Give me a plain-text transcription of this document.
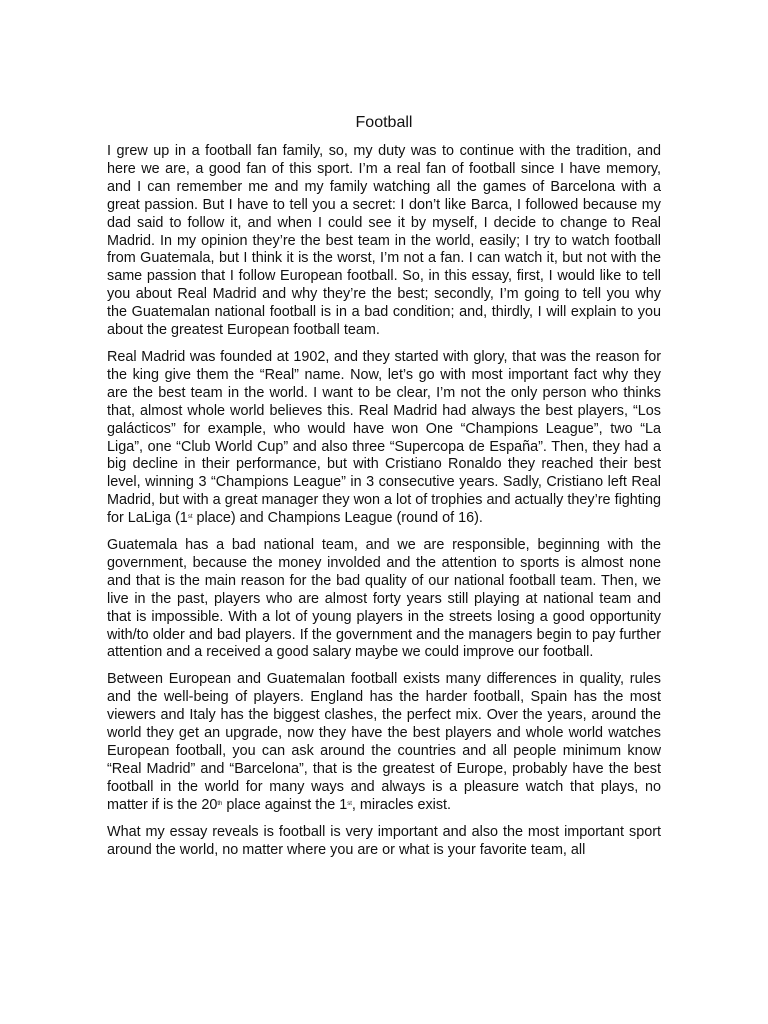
Football

I grew up in a football fan family, so, my duty was to continue with the tradition, and here we are, a good fan of this sport. I’m a real fan of football since I have memory, and I can remember me and my family watching all the games of Barcelona with a great passion. But I have to tell you a secret: I don’t like Barca, I followed because my dad said to follow it, and when I could see it by myself, I decide to change to Real Madrid. In my opinion they’re the best team in the world, easily; I try to watch football from Guatemala, but I think it is the worst, I’m not a fan. I can watch it, but not with the same passion that I follow European football. So, in this essay, first, I would like to tell you about Real Madrid and why they’re the best; secondly, I’m going to tell you why the Guatemalan national football is in a bad condition; and, thirdly, I will explain to you about the greatest European football team.

Real Madrid was founded at 1902, and they started with glory, that was the reason for the king give them the “Real” name. Now, let’s go with most important fact why they are the best team in the world. I want to be clear, I’m not the only person who thinks that, almost whole world believes this. Real Madrid had always the best players, “Los galácticos” for example, who would have won One “Champions League”, two “La Liga”, one “Club World Cup” and also three “Supercopa de España”. Then, they had a big decline in their performance, but with Cristiano Ronaldo they reached their best level, winning 3 “Champions League” in 3 consecutive years. Sadly, Cristiano left Real Madrid, but with a great manager they won a lot of trophies and actually they’re fighting for LaLiga (1st place) and Champions League (round of 16).

Guatemala has a bad national team, and we are responsible, beginning with the government, because the money involded and the attention to sports is almost none and that is the main reason for the bad quality of our national football team. Then, we live in the past, players who are almost forty years still playing at national team and that is impossible. With a lot of young players in the streets losing a good opportunity with/to older and bad players. If the government and the managers begin to pay further attention and a received a good salary maybe we could improve our football.

Between European and Guatemalan football exists many differences in quality, rules and the well-being of players. England has the harder football, Spain has the most viewers and Italy has the biggest clashes, the perfect mix. Over the years, around the world they get an upgrade, now they have the best players and whole world watches European football, you can ask around the countries and all people minimum know “Real Madrid” and “Barcelona”, that is the greatest of Europe, probably have the best football in the world for many ways and always is a pleasure watch that plays, no matter if is the 20th place against the 1st, miracles exist.

What my essay reveals is football is very important and also the most important sport around the world, no matter where you are or what is your favorite team, all
